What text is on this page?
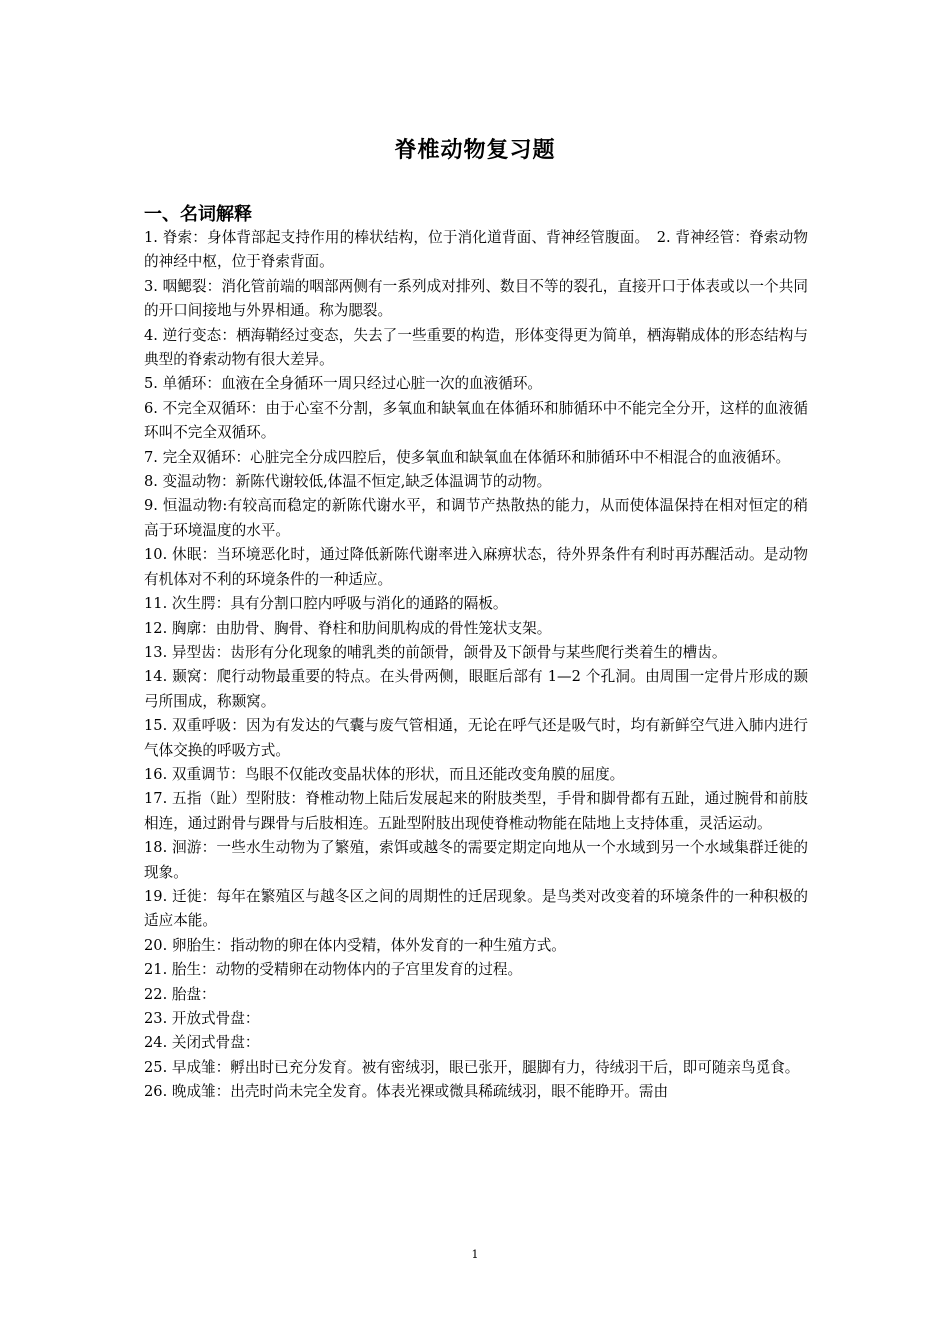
脊椎动物复习题
一、名词解释

1. 脊索：身体背部起支持作用的棒状结构，位于消化道背面、背神经管腹面。　2. 背神经管：脊索动物的神经中枢，位于脊索背面。

3. 咽鳃裂：消化管前端的咽部两侧有一系列成对排列、数目不等的裂孔，直接开口于体表或以一个共同的开口间接地与外界相通。称为腮裂。

4. 逆行变态：栖海鞘经过变态，失去了一些重要的构造，形体变得更为简单，栖海鞘成体的形态结构与典型的脊索动物有很大差异。

5. 单循环：血液在全身循环一周只经过心脏一次的血液循环。

6. 不完全双循环：由于心室不分割，多氧血和缺氧血在体循环和肺循环中不能完全分开，这样的血液循环叫不完全双循环。

7. 完全双循环：心脏完全分成四腔后，使多氧血和缺氧血在体循环和肺循环中不相混合的血液循环。

8. 变温动物：新陈代谢较低,体温不恒定,缺乏体温调节的动物。

9. 恒温动物:有较高而稳定的新陈代谢水平，和调节产热散热的能力，从而使体温保持在相对恒定的稍高于环境温度的水平。

10. 休眠：当环境恶化时，通过降低新陈代谢率进入麻痹状态，待外界条件有利时再苏醒活动。是动物有机体对不利的环境条件的一种适应。

11. 次生腭：具有分割口腔内呼吸与消化的通路的隔板。

12. 胸廓：由肋骨、胸骨、脊柱和肋间肌构成的骨性笼状支架。

13. 异型齿：齿形有分化现象的哺乳类的前颌骨，颌骨及下颌骨与某些爬行类着生的槽齿。

14. 颞窝：爬行动物最重要的特点。在头骨两侧，眼眶后部有 1—2 个孔洞。由周围一定骨片形成的颞弓所围成，称颞窝。

15. 双重呼吸：因为有发达的气囊与废气管相通，无论在呼气还是吸气时，均有新鲜空气进入肺内进行气体交换的呼吸方式。

16. 双重调节：鸟眼不仅能改变晶状体的形状，而且还能改变角膜的屈度。

17. 五指（趾）型附肢：脊椎动物上陆后发展起来的附肢类型，手骨和脚骨都有五趾，通过腕骨和前肢相连，通过跗骨与踝骨与后肢相连。五趾型附肢出现使脊椎动物能在陆地上支持体重，灵活运动。

18. 洄游：一些水生动物为了繁殖，索饵或越冬的需要定期定向地从一个水域到另一个水域集群迁徙的现象。

19. 迁徙：每年在繁殖区与越冬区之间的周期性的迁居现象。是鸟类对改变着的环境条件的一种积极的适应本能。

20. 卵胎生：指动物的卵在体内受精，体外发育的一种生殖方式。

21. 胎生：动物的受精卵在动物体内的子宫里发育的过程。

22. 胎盘：

23. 开放式骨盘：

24. 关闭式骨盘：

25. 早成雏：孵出时已充分发育。被有密绒羽，眼已张开，腿脚有力，待绒羽干后，即可随亲鸟觅食。

26. 晚成雏：出壳时尚未完全发育。体表光裸或微具稀疏绒羽，眼不能睁开。需由

1
